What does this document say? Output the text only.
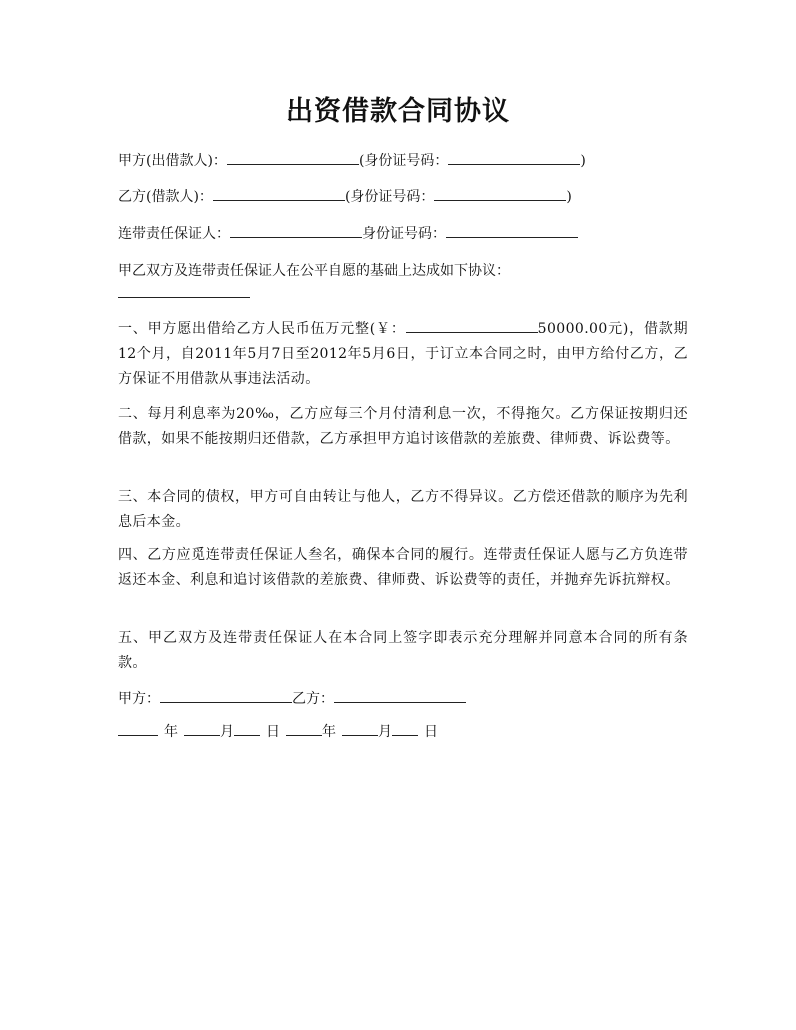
出资借款合同协议
甲方(出借款人)：	(身份证号码：	)
乙方(借款人)：	(身份证号码：	)
连带责任保证人：	身份证号码：
甲乙双方及连带责任保证人在公平自愿的基础上达成如下协议：
一、甲方愿出借给乙方人民币伍万元整(￥：	50000.00元)，借款期12个月，自2011年5月7日至2012年5月6日，于订立本合同之时，由甲方给付乙方，乙方保证不用借款从事违法活动。
二、每月利息率为20‰，乙方应每三个月付清利息一次，不得拖欠。乙方保证按期归还借款，如果不能按期归还借款，乙方承担甲方追讨该借款的差旅费、律师费、诉讼费等。
三、本合同的债权，甲方可自由转让与他人，乙方不得异议。乙方偿还借款的顺序为先利息后本金。
四、乙方应觅连带责任保证人叁名，确保本合同的履行。连带责任保证人愿与乙方负连带返还本金、利息和追讨该借款的差旅费、律师费、诉讼费等的责任，并抛弃先诉抗辩权。
五、甲乙双方及连带责任保证人在本合同上签字即表示充分理解并同意本合同的所有条款。
甲方：	乙方：
年	月 日	年	月 日
